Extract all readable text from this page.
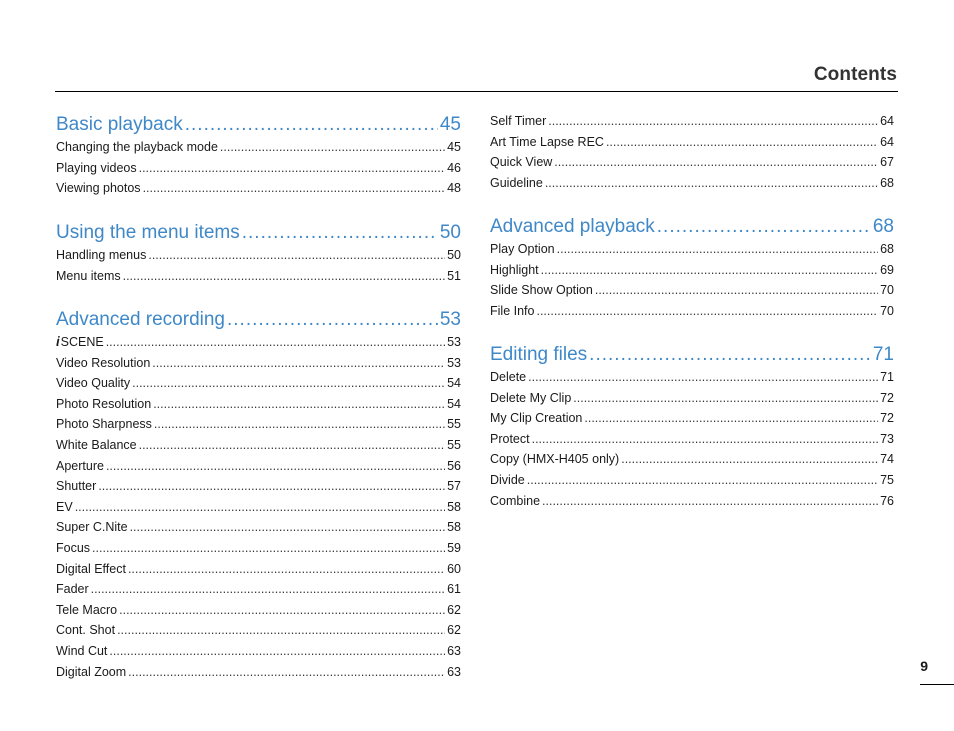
Contents
Basic playback .....	45
Changing the playback mode .....	45
Playing videos .....	46
Viewing photos .....	48
Using the menu items .....	50
Handling menus .....	50
Menu items .....	51
Advanced recording .....	53
ἰSCENE .....	53
Video Resolution .....	53
Video Quality .....	54
Photo Resolution .....	54
Photo Sharpness .....	55
White Balance .....	55
Aperture .....	56
Shutter .....	57
EV .....	58
Super C.Nite .....	58
Focus .....	59
Digital Effect .....	60
Fader .....	61
Tele Macro .....	62
Cont. Shot .....	62
Wind Cut .....	63
Digital Zoom .....	63
Self Timer .....	64
Art Time Lapse REC .....	64
Quick View .....	67
Guideline .....	68
Advanced playback .....	68
Play Option .....	68
Highlight .....	69
Slide Show Option .....	70
File Info .....	70
Editing files .....	71
Delete .....	71
Delete My Clip .....	72
My Clip Creation .....	72
Protect .....	73
Copy (HMX-H405 only) .....	74
Divide .....	75
Combine .....	76
9
